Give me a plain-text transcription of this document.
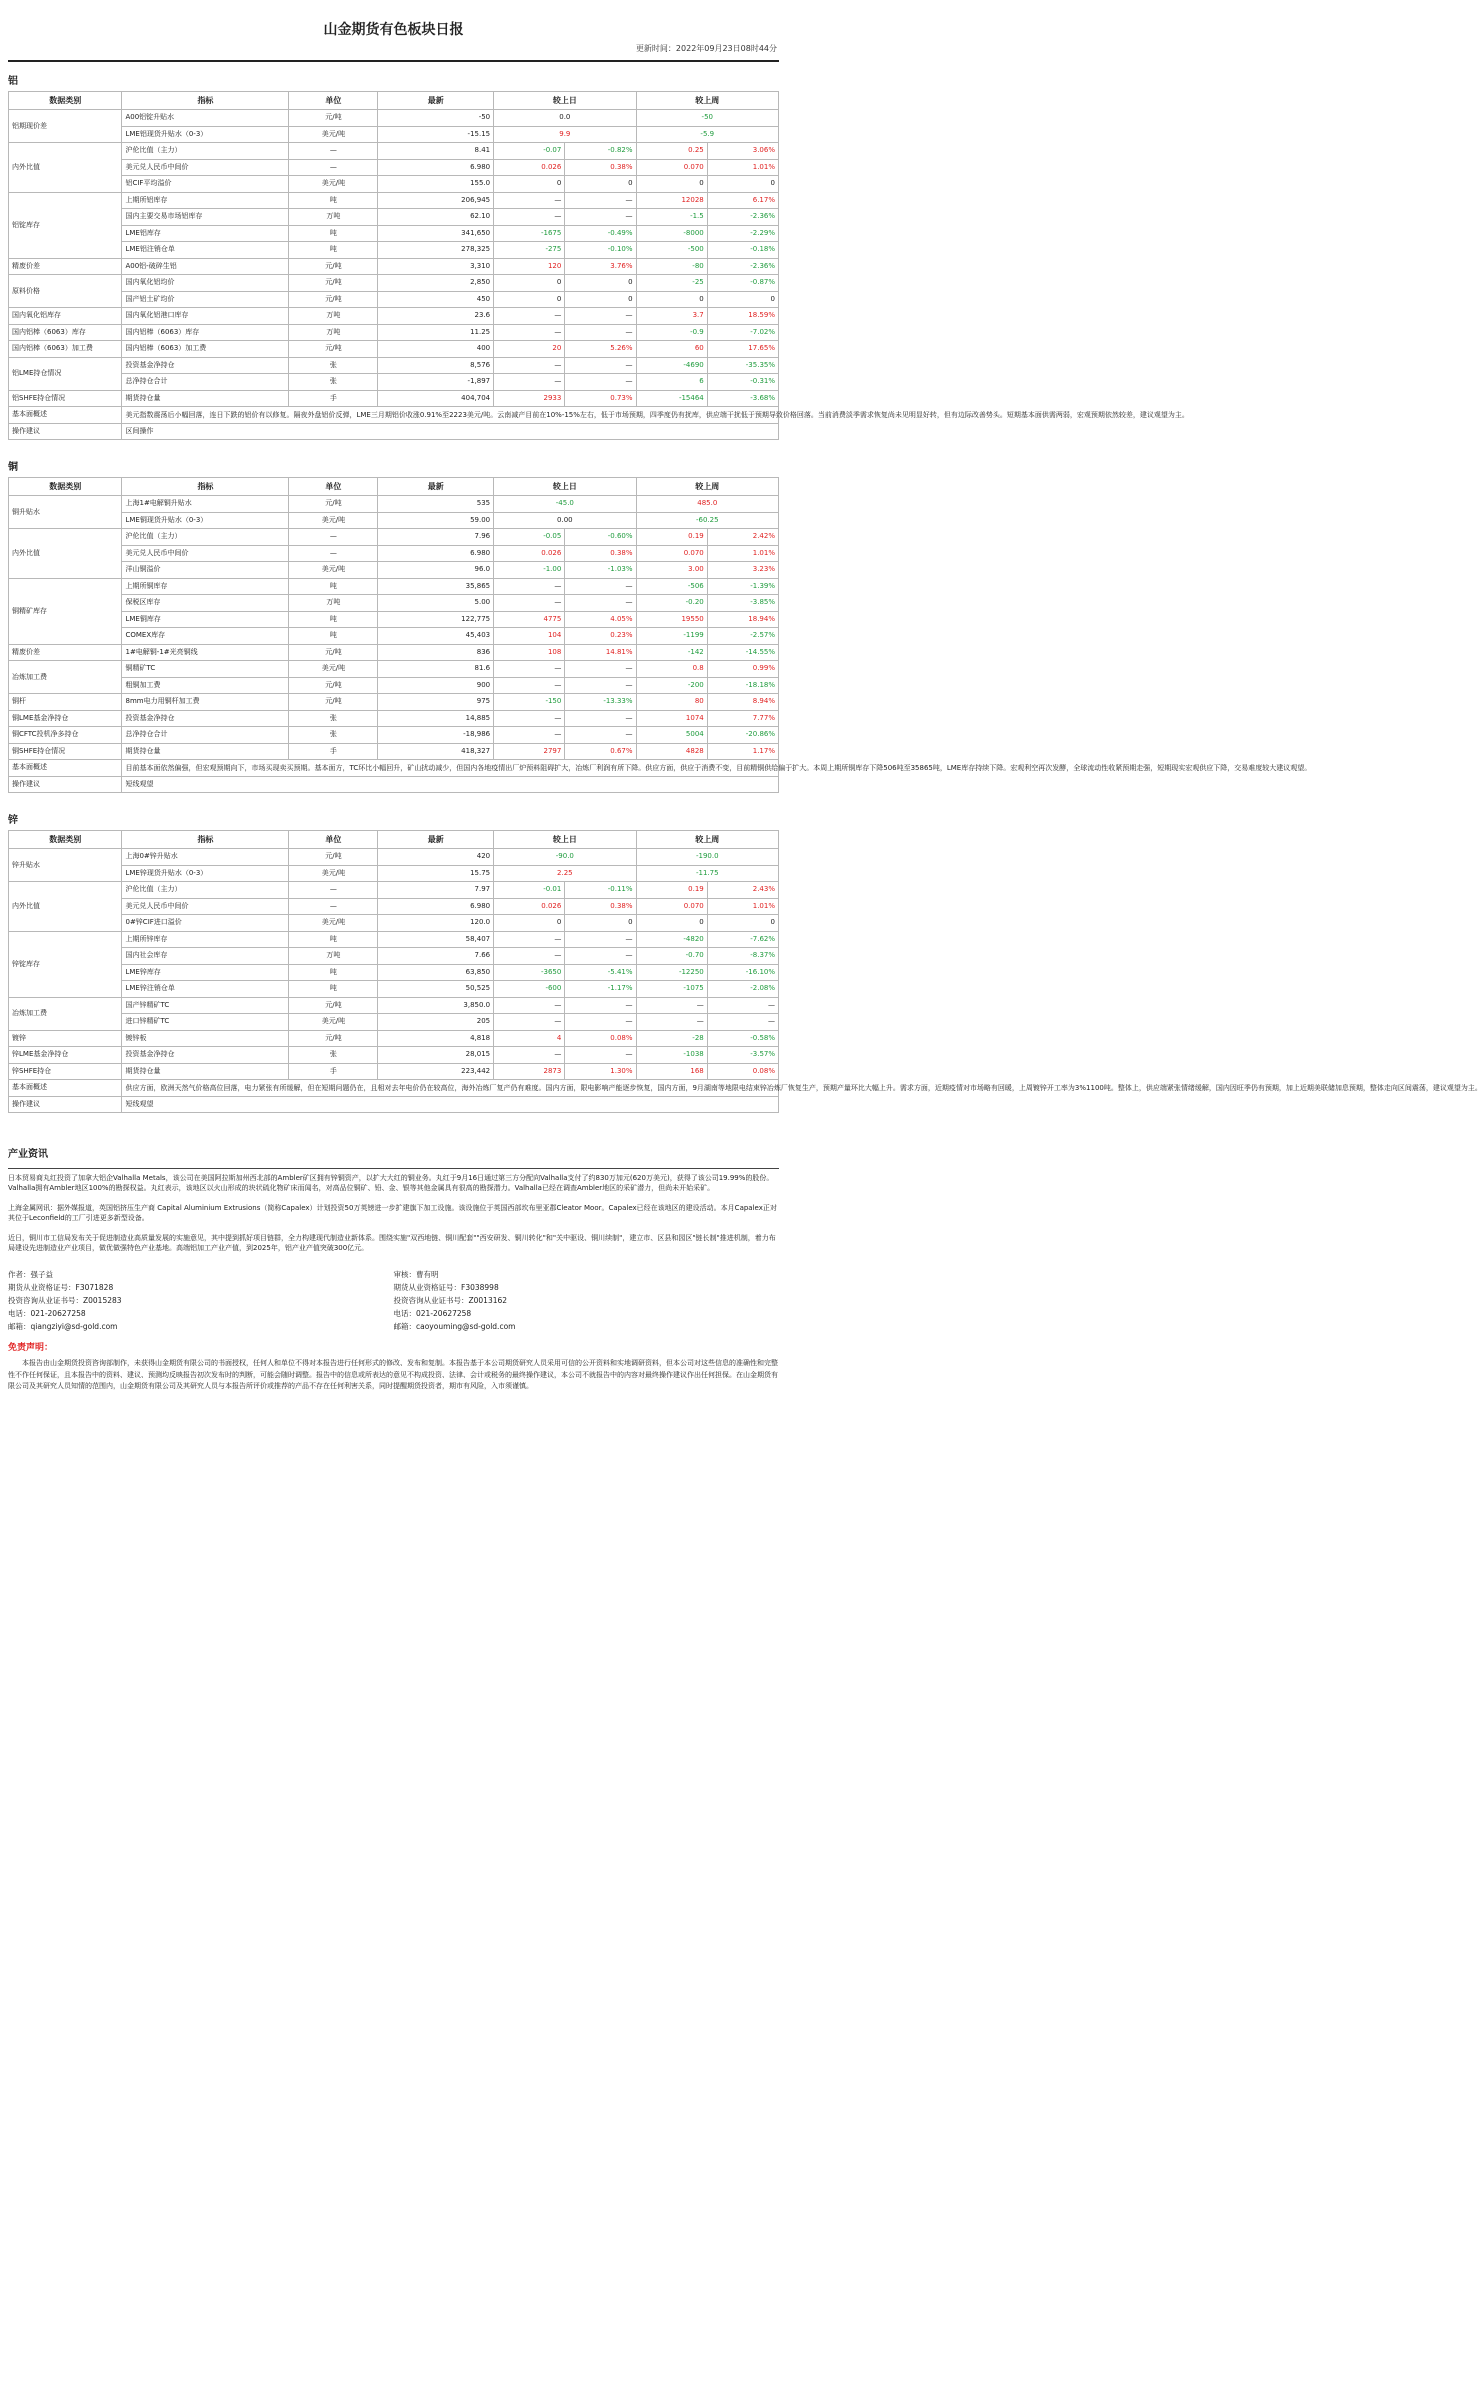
山金期货有色板块日报
更新时间：2022年09月23日08时44分
铝
数据类别	指标	单位	最新	较上日		较上周	
铝期现价差	A00铝锭升贴水	元/吨	-50	0.0		-50	
	LME铝现货升贴水（0-3）	美元/吨	-15.15	9.9		-5.9	
内外比值	沪伦比值（主力）	—	8.41	-0.07	-0.82%	0.25	3.06%
	美元兑人民币中间价	—	6.980	0.026	0.38%	0.070	1.01%
	铝CIF平均溢价	美元/吨	155.0	0	0	0	0
铝锭库存	上期所铝库存	吨	206,945	—	—	12028	6.17%
	国内主要交易市场铝库存	万吨	62.10	—	—	-1.5	-2.36%
	LME铝库存	吨	341,650	-1675	-0.49%	-8000	-2.29%
	LME铝注销仓单	吨	278,325	-275	-0.10%	-500	-0.18%
精废价差	A00铝-破碎生铝	元/吨	3,310	120	3.76%	-80	-2.36%
原料价格	国内氧化铝均价	元/吨	2,850	0	0	-25	-0.87%
	国产铝土矿均价	元/吨	450	0	0	0	0
国内氧化铝库存	国内氧化铝港口库存	万吨	23.6	—	—	3.7	18.59%
国内铝棒（6063）库存	国内铝棒（6063）库存	万吨	11.25	—	—	-0.9	-7.02%
国内铝棒（6063）加工费	国内铝棒（6063）加工费	元/吨	400	20	5.26%	60	17.65%
铝LME持仓情况	投资基金净持仓	张	8,576	—	—	-4690	-35.35%
	总净持仓合计	张	-1,897	—	—	6	-0.31%
铝SHFE持仓情况	期货持仓量	手	404,704	2933	0.73%	-15464	-3.68%
基本面概述	美元指数震荡后小幅回落，连日下跌的铝价有以修复。隔夜外盘铝价反弹，LME三月期铝价收涨0.91%至2223美元/吨。云南减产目前在10%-15%左右，低于市场预期，四季度仍有扰库，供应端干扰低于预期导致价格回落。当前消费淡季需求恢复尚未见明显好转，但有边际改善势头。短期基本面供需两弱，宏观预期依然较差，建议观望为主。						
操作建议	区间操作						
铜
数据类别	指标	单位	最新	较上日		较上周	
铜升贴水	上海1#电解铜升贴水	元/吨	535	-45.0		485.0	
	LME铜现货升贴水（0-3）	美元/吨	59.00	0.00		-60.25	
内外比值	沪伦比值（主力）	—	7.96	-0.05	-0.60%	0.19	2.42%
	美元兑人民币中间价	—	6.980	0.026	0.38%	0.070	1.01%
	洋山铜溢价	美元/吨	96.0	-1.00	-1.03%	3.00	3.23%
铜精矿库存	上期所铜库存	吨	35,865	—	—	-506	-1.39%
	保税区库存	万吨	5.00	—	—	-0.20	-3.85%
	LME铜库存	吨	122,775	4775	4.05%	19550	18.94%
	COMEX库存	吨	45,403	104	0.23%	-1199	-2.57%
精废价差	1#电解铜-1#光亮铜线	元/吨	836	108	14.81%	-142	-14.55%
冶炼加工费	铜精矿TC	美元/吨	81.6	—	—	0.8	0.99%
	粗铜加工费	元/吨	900	—	—	-200	-18.18%
铜杆	8mm电力用铜杆加工费	元/吨	975	-150	-13.33%	80	8.94%
铜LME基金净持仓	投资基金净持仓	张	14,885	—	—	1074	7.77%
铜CFTC投机净多持仓	总净持仓合计	张	-18,986	—	—	5004	-20.86%
铜SHFE持仓情况	期货持仓量	手	418,327	2797	0.67%	4828	1.17%
基本面概述	目前基本面依然偏强，但宏观预期向下，市场买现卖买预期。基本面方，TC环比小幅回升，矿山扰动减少，但国内各地疫情出厂炉预料阻碍扩大，冶炼厂利润有所下降。供应方面，供应于消费不变，目前精铜供给偏于扩大。本周上期所铜库存下降506吨至35865吨，LME库存持续下降。宏观利空再次发酵，全球流动性收紧预期走强，短期现实宏观供应下降，交易难度较大建议观望。						
操作建议	短线观望						
锌
数据类别	指标	单位	最新	较上日		较上周	
锌升贴水	上海0#锌升贴水	元/吨	420	-90.0		-190.0	
	LME锌现货升贴水（0-3）	美元/吨	15.75	2.25		-11.75	
内外比值	沪伦比值（主力）	—	7.97	-0.01	-0.11%	0.19	2.43%
	美元兑人民币中间价	—	6.980	0.026	0.38%	0.070	1.01%
	0#锌CIF进口溢价	美元/吨	120.0	0	0	0	0
锌锭库存	上期所锌库存	吨	58,407	—	—	-4820	-7.62%
	国内社会库存	万吨	7.66	—	—	-0.70	-8.37%
	LME锌库存	吨	63,850	-3650	-5.41%	-12250	-16.10%
	LME锌注销仓单	吨	50,525	-600	-1.17%	-1075	-2.08%
冶炼加工费	国产锌精矿TC	元/吨	3,850.0	—	—	—	—
	进口锌精矿TC	美元/吨	205	—	—	—	—
镀锌	镀锌板	元/吨	4,818	4	0.08%	-28	-0.58%
锌LME基金净持仓	投资基金净持仓	张	28,015	—	—	-1038	-3.57%
锌SHFE持仓	期货持仓量	手	223,442	2873	1.30%	168	0.08%
基本面概述	供应方面，欧洲天然气价格高位回落，电力紧张有所缓解，但在短期问题仍在，且相对去年电价仍在较高位，海外冶炼厂复产仍有难度。国内方面，限电影响产能逐步恢复，国内方面，9月湖南等地限电结束锌冶炼厂恢复生产，预期产量环比大幅上升。需求方面，近期疫情对市场略有回暖，上周镀锌开工率为3%1100吨。整体上，供应端紧张情绪缓解，国内因旺季仍有预期，加上近期美联储加息预期，整体走向区间震荡，建议观望为主。						
操作建议	短线观望						
产业资讯

日本贸易商丸红投资了加拿大铝企Valhalla Metals，该公司在美国阿拉斯加州西北部的Ambler矿区拥有锌铜资产，以扩大大红的铜业务。丸红于9月16日通过第三方分配向Valhalla支付了约830万加元(620万美元)，获得了该公司19.99%的股份。Valhalla拥有Ambler地区100%的勘探权益。丸红表示，该地区以火山形成的块状硫化物矿床而闻名，对高品位铜矿、铅、金、银等其他金属具有很高的勘探潜力。Valhalla已经在调查Ambler地区的采矿潜力，但尚未开始采矿。

上海金属网讯：据外媒报道，英国铝挤压生产商 Capital Aluminium Extrusions（简称Capalex）计划投资50万英镑进一步扩建旗下加工设施。该设施位于英国西部坎布里亚郡Cleator Moor。Capalex已经在该地区的建设活动。本月Capalex正对其位于Leconfield的工厂引进更多新型设备。

近日，铜川市工信局发布关于促进制造业高质量发展的实施意见，其中提到抓好项目链群，全力构建现代制造业新体系。围绕实施"双西地链、铜川配套""西安研发、铜川转化"和"关中驱设、铜川续制"，建立市、区县和园区"链长制"推进机制，着力布局建设先进制造业产业项目，做优做强特色产业基地。高端铝加工产业产值，到2025年，铝产业产值突破300亿元。

作者：强子益
期货从业资格证号：F3071828
投资咨询从业证书号：Z0015283
电话：021-20627258
邮箱：qiangziyi@sd-gold.com
审核：曹有明
期货从业资格证号：F3038998
投资咨询从业证书号：Z0013162
电话：021-20627258
邮箱：caoyouming@sd-gold.com
免责声明：
本报告由山金期货投资咨询部制作，未获得山金期货有限公司的书面授权，任何人和单位不得对本报告进行任何形式的修改、发布和复制。本报告基于本公司期货研究人员采用可信的公开资料和实地调研资料，但本公司对这些信息的准确性和完整性不作任何保证，且本报告中的资料、建议、预测均反映报告初次发布时的判断，可能会随时调整。报告中的信息或所表达的意见不构成投资、法律、会计或税务的最终操作建议，本公司不就报告中的内容对最终操作建议作出任何担保。在山金期货有限公司及其研究人员知情的范围内，山金期货有限公司及其研究人员与本报告所评价或推荐的产品不存在任何利害关系，同时提醒期货投资者，期市有风险，入市须谨慎。
